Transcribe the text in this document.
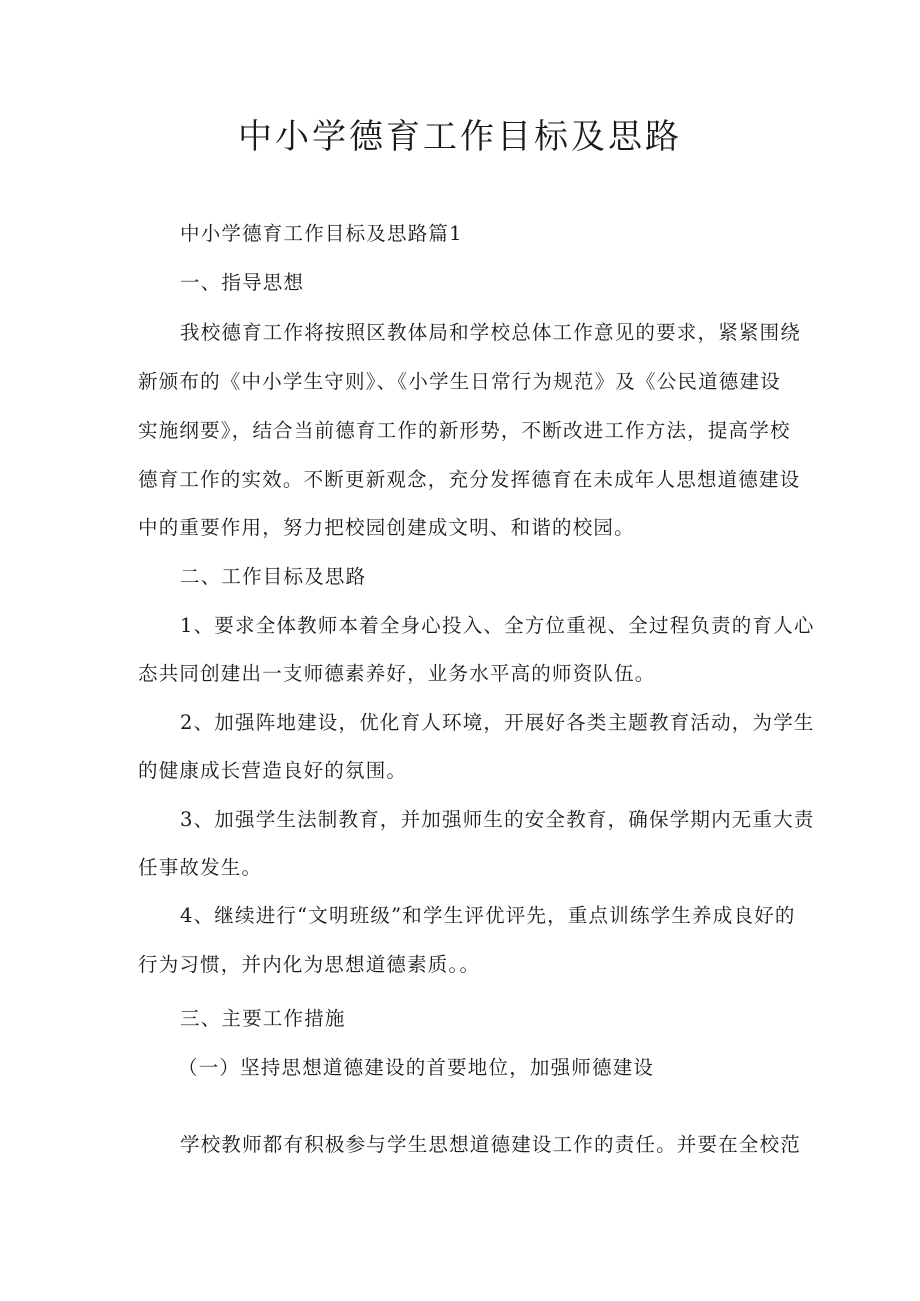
中小学德育工作目标及思路
中小学德育工作目标及思路篇1
一、指导思想
我校德育工作将按照区教体局和学校总体工作意见的要求，紧紧围绕
新颁布的《中小学生守则》、《小学生日常行为规范》及《公民道德建设
实施纲要》，结合当前德育工作的新形势，不断改进工作方法，提高学校
德育工作的实效。不断更新观念，充分发挥德育在未成年人思想道德建设
中的重要作用，努力把校园创建成文明、和谐的校园。
二、工作目标及思路
1、要求全体教师本着全身心投入、全方位重视、全过程负责的育人心
态共同创建出一支师德素养好，业务水平高的师资队伍。
2、加强阵地建设，优化育人环境，开展好各类主题教育活动，为学生
的健康成长营造良好的氛围。
3、加强学生法制教育，并加强师生的安全教育，确保学期内无重大责
任事故发生。
4、继续进行“文明班级”和学生评优评先，重点训练学生养成良好的
行为习惯，并内化为思想道德素质。。
三、主要工作措施
（一）坚持思想道德建设的首要地位，加强师德建设
学校教师都有积极参与学生思想道德建设工作的责任。并要在全校范
